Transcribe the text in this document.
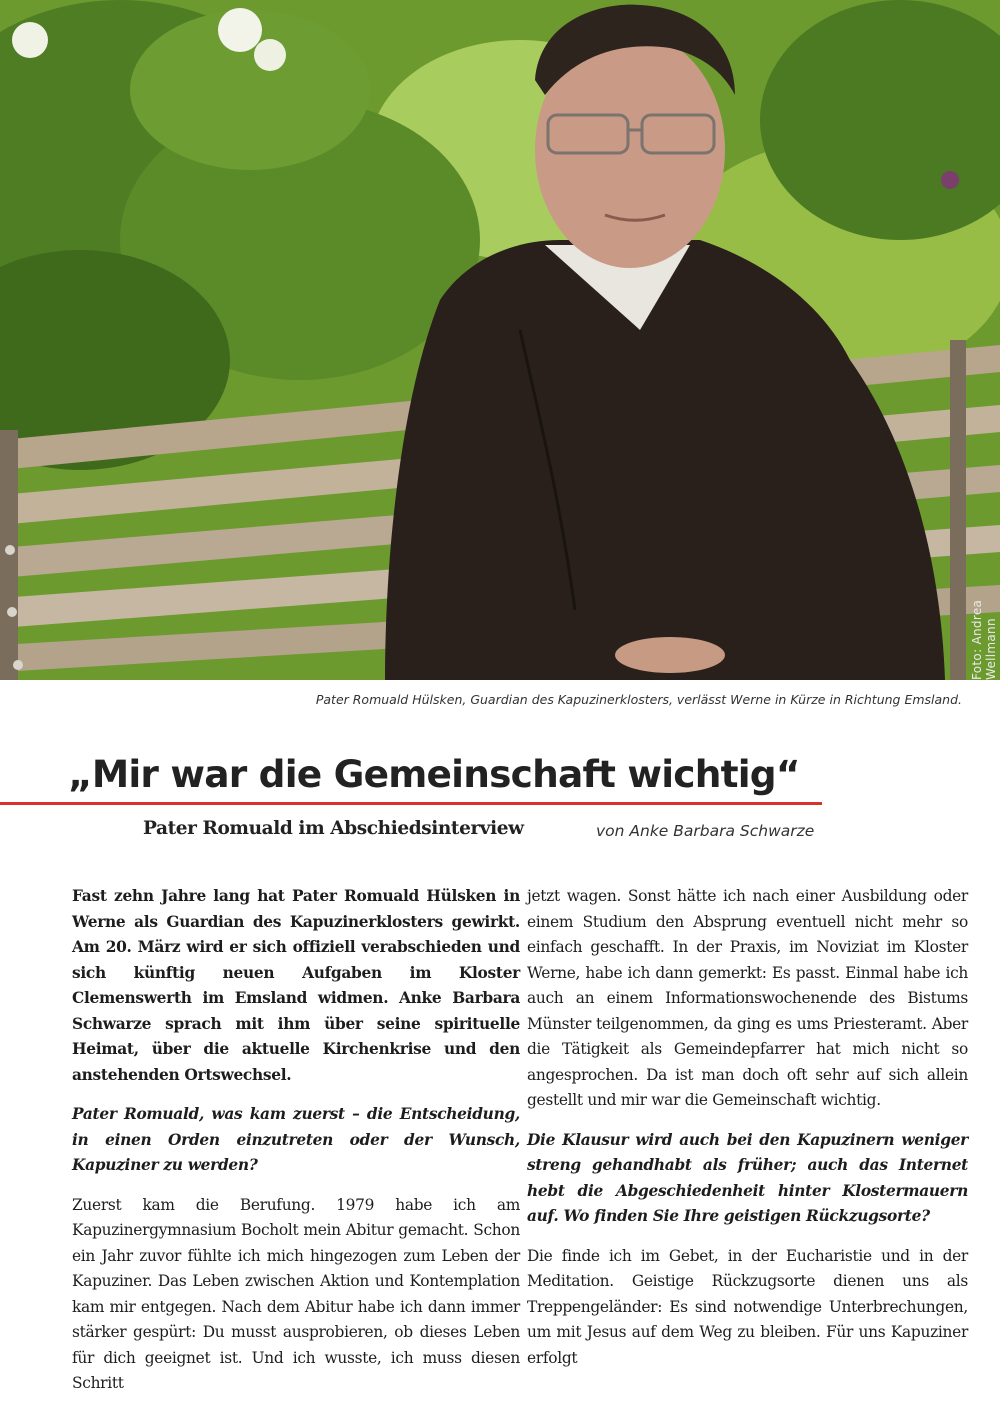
Foto: Andrea Wellmann
Pater Romuald Hülsken, Guardian des Kapuzinerklosters, verlässt Werne in Kürze in Richtung Emsland.
„Mir war die Gemeinschaft wichtig“
Pater Romuald im Abschiedsinterview	von Anke Barbara Schwarze

Fast zehn Jahre lang hat Pater Romuald Hülsken in Werne als Guardian des Kapuzinerklosters gewirkt. Am 20. März wird er sich offiziell verabschieden und sich künftig neuen Aufgaben im Kloster Clemenswerth im Emsland widmen. Anke Barbara Schwarze sprach mit ihm über seine spirituelle Heimat, über die aktuelle Kirchenkrise und den anstehenden Ortswechsel.

Pater Romuald, was kam zuerst – die Entscheidung, in einen Orden einzutreten oder der Wunsch, Kapuziner zu werden?

Zuerst kam die Berufung. 1979 habe ich am Kapuzinergymnasium Bocholt mein Abitur gemacht. Schon ein Jahr zuvor fühlte ich mich hingezogen zum Leben der Kapuziner. Das Leben zwischen Aktion und Kontemplation kam mir entgegen. Nach dem Abitur habe ich dann immer stärker gespürt: Du musst ausprobieren, ob dieses Leben für dich geeignet ist. Und ich wusste, ich muss diesen Schritt

jetzt wagen. Sonst hätte ich nach einer Ausbildung oder einem Studium den Absprung eventuell nicht mehr so einfach geschafft. In der Praxis, im Noviziat im Kloster Werne, habe ich dann gemerkt: Es passt. Einmal habe ich auch an einem Informationswochenende des Bistums Münster teilgenommen, da ging es ums Priesteramt. Aber die Tätigkeit als Gemeindepfarrer hat mich nicht so angesprochen. Da ist man doch oft sehr auf sich allein gestellt und mir war die Gemeinschaft wichtig.

Die Klausur wird auch bei den Kapuzinern weniger streng gehandhabt als früher; auch das Internet hebt die Abgeschiedenheit hinter Klostermauern auf. Wo finden Sie Ihre geistigen Rückzugsorte?

Die finde ich im Gebet, in der Eucharistie und in der Meditation. Geistige Rückzugsorte dienen uns als Treppengeländer: Es sind notwendige Unterbrechungen, um mit Jesus auf dem Weg zu bleiben. Für uns Kapuziner erfolgt
